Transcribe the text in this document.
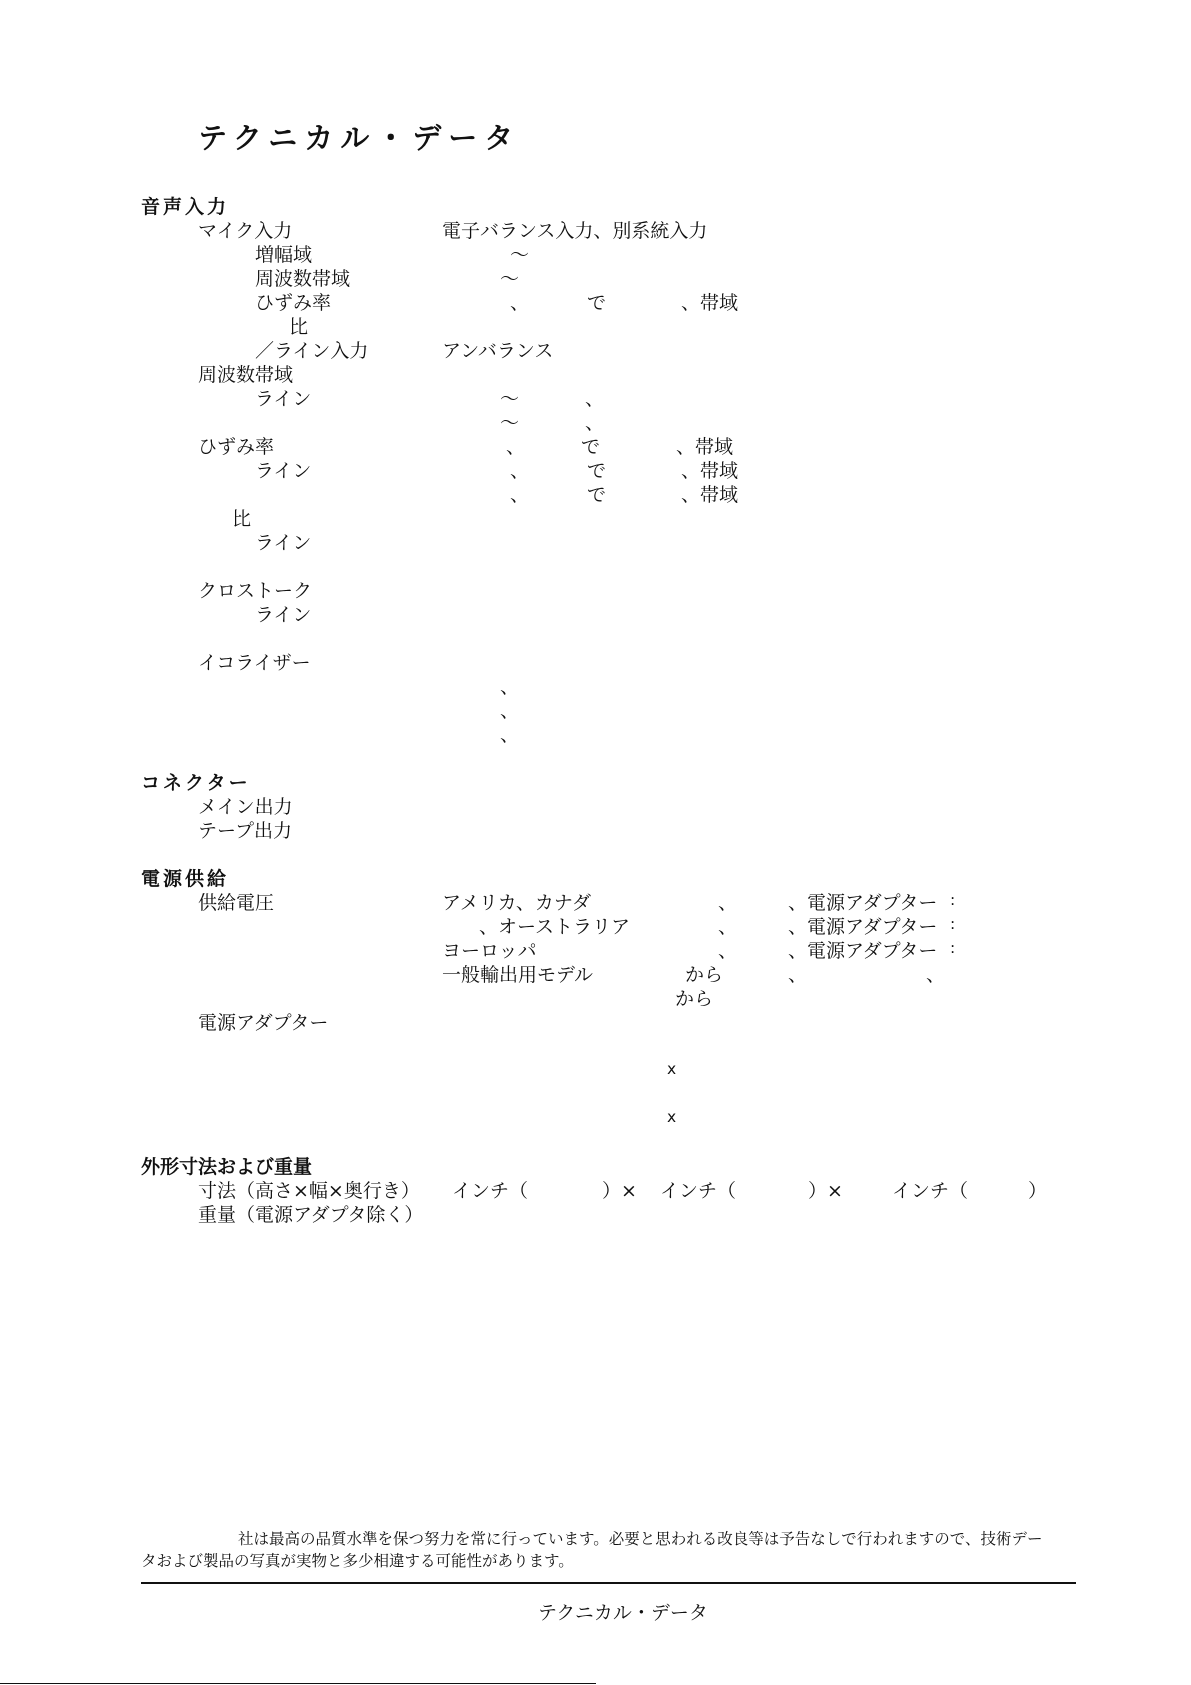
テクニカル・データ
音声入力
マイク入力	電子バランス入力、別系統入力
増幅域	～
周波数帯域	～
ひずみ率	、	で	、帯域
比
／ライン入力	アンバランス
周波数帯域
ライン	～	、
～	、
ひずみ率	、	で	、帯域
ライン	、	で	、帯域
、	で	、帯域
比
ライン
クロストーク
ライン
イコライザー
、
、
、
コネクター
メイン出力
テープ出力
電源供給
供給電圧	アメリカ、カナダ	、	、電源アダプター :
、オーストラリア	、	、電源アダプター :
ヨーロッパ	、	、電源アダプター :
一般輸出用モデル	から	、	、
から
電源アダプター
x
x
外形寸法および重量
寸法（高さ×幅×奥行き） インチ（	）× インチ（	）×	インチ（	）
重量（電源アダプタ除く）
社は最高の品質水準を保つ努力を常に行っています。必要と思われる改良等は予告なしで行われますので、技術デー
タおよび製品の写真が実物と多少相違する可能性があります。
テクニカル・データ
